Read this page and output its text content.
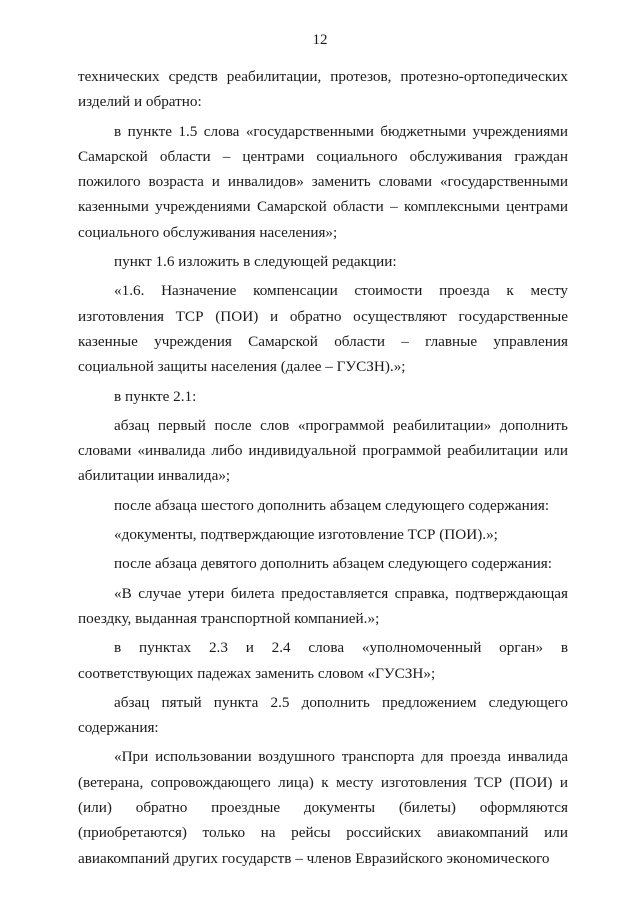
12

технических средств реабилитации, протезов, протезно-ортопедических изделий и обратно:

в пункте 1.5 слова «государственными бюджетными учреждениями Самарской области – центрами социального обслуживания граждан пожилого возраста и инвалидов» заменить словами «государственными казенными учреждениями Самарской области – комплексными центрами социального обслуживания населения»;

пункт 1.6 изложить в следующей редакции:

«1.6. Назначение компенсации стоимости проезда к месту изготовления ТСР (ПОИ) и обратно осуществляют государственные казенные учреждения Самарской области – главные управления социальной защиты населения (далее – ГУСЗН).»;

в пункте 2.1:

абзац первый после слов «программой реабилитации» дополнить словами «инвалида либо индивидуальной программой реабилитации или абилитации инвалида»;

после абзаца шестого дополнить абзацем следующего содержания:

«документы, подтверждающие изготовление ТСР (ПОИ).»;

после абзаца девятого дополнить абзацем следующего содержания:

«В случае утери билета предоставляется справка, подтверждающая поездку, выданная транспортной компанией.»;

в пунктах 2.3 и 2.4 слова «уполномоченный орган» в соответствующих падежах заменить словом «ГУСЗН»;

абзац пятый пункта 2.5 дополнить предложением следующего содержания:

«При использовании воздушного транспорта для проезда инвалида (ветерана, сопровождающего лица) к месту изготовления ТСР (ПОИ) и (или) обратно проездные документы (билеты) оформляются (приобретаются) только на рейсы российских авиакомпаний или авиакомпаний других государств – членов Евразийского экономического
